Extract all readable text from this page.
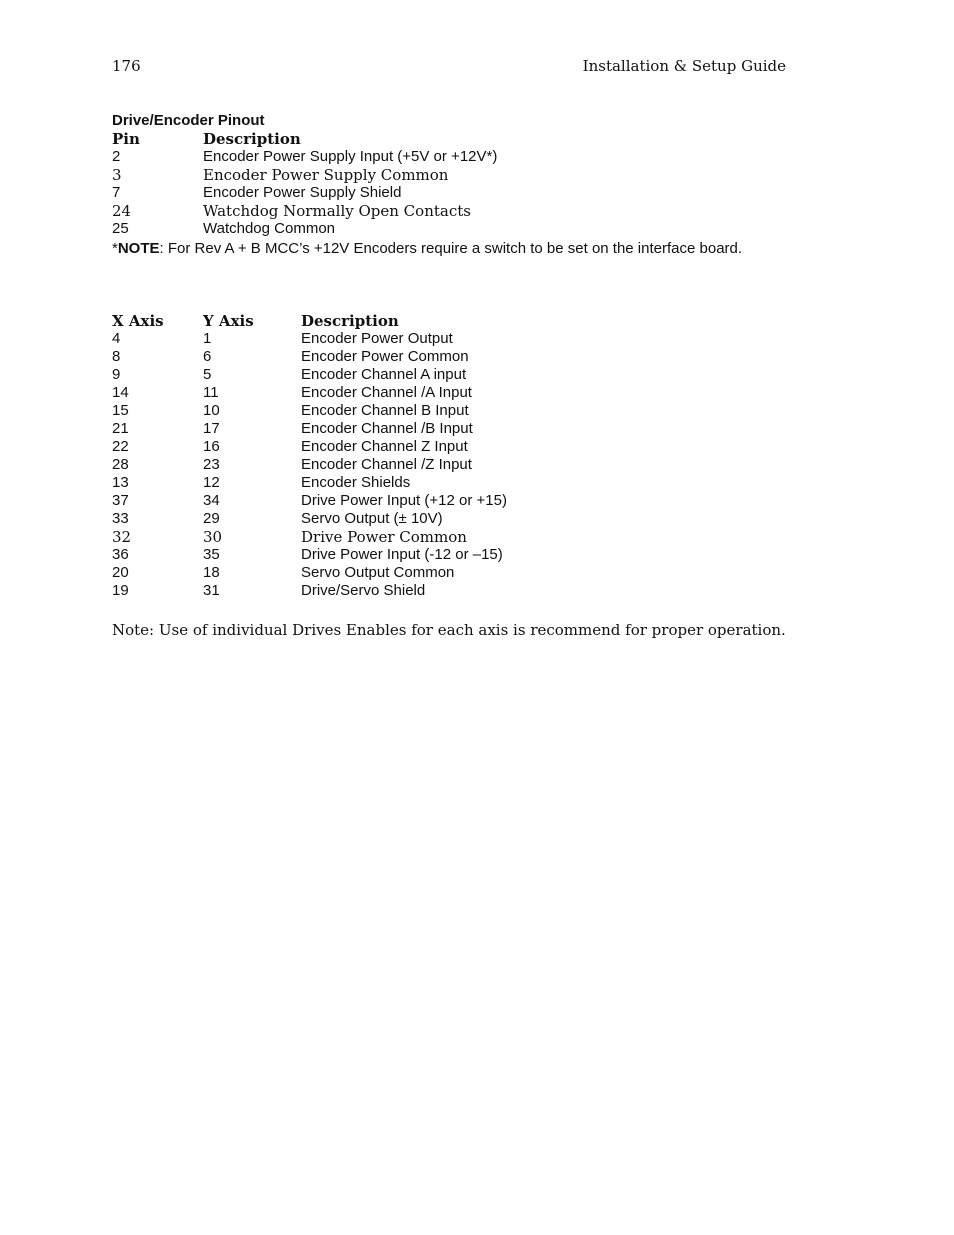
176	Installation & Setup Guide
Drive/Encoder Pinout
Pin	Description
2	Encoder Power Supply Input (+5V or +12V*)
3	Encoder Power Supply Common
7	Encoder Power Supply Shield
24	Watchdog Normally Open Contacts
25	Watchdog Common
*NOTE: For Rev A + B MCC’s +12V Encoders require a switch to be set on the interface board.
X Axis	Y Axis	Description
4	1	Encoder Power Output
8	6	Encoder Power Common
9	5	Encoder Channel A input
14	11	Encoder Channel /A Input
15	10	Encoder Channel B Input
21	17	Encoder Channel /B Input
22	16	Encoder Channel Z Input
28	23	Encoder Channel /Z Input
13	12	Encoder Shields
37	34	Drive Power Input (+12 or +15)
33	29	Servo Output (± 10V)
32	30	Drive Power Common
36	35	Drive Power Input (-12 or –15)
20	18	Servo Output Common
19	31	Drive/Servo Shield
Note: Use of individual Drives Enables for each axis is recommend for proper operation.
